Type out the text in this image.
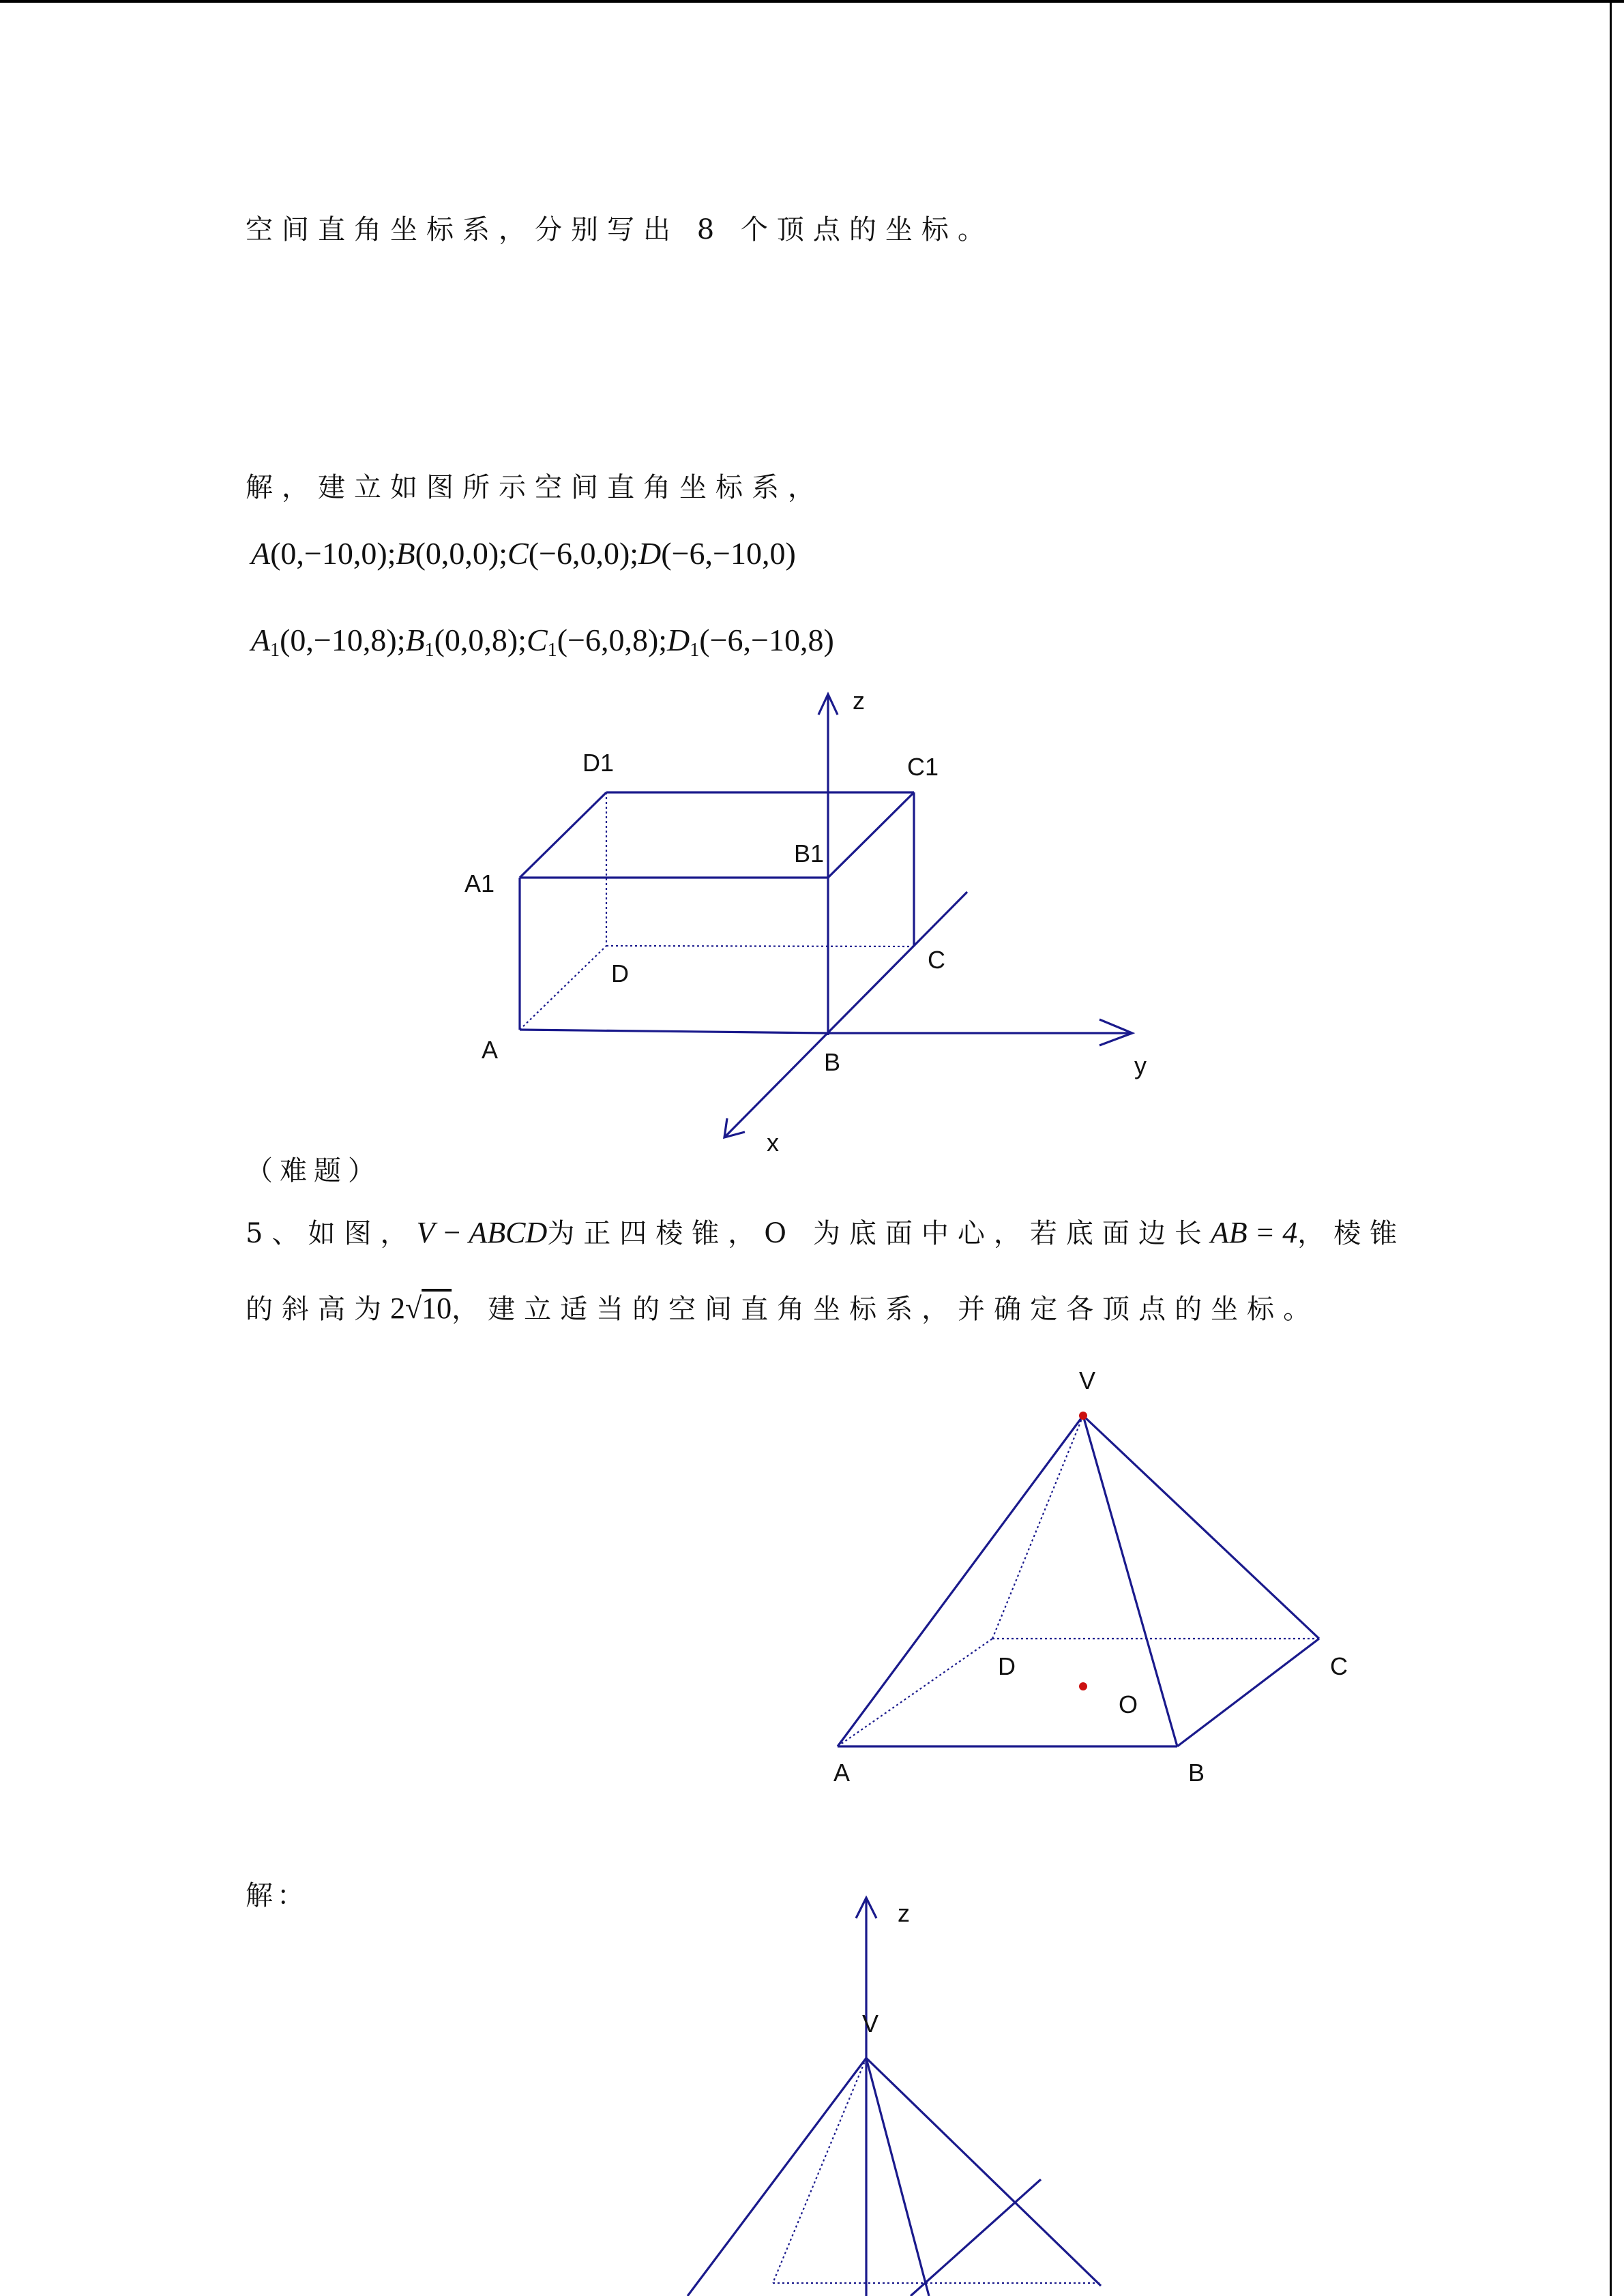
空间直角坐标系，分别写出 8 个顶点的坐标。
解，建立如图所示空间直角坐标系，
A(0,−10,0);B(0,0,0);C(−6,0,0);D(−6,−10,0)
$A_1(0,-10,8);B_1(0,0,8);C_1(-6,0,8);D_1(-6,-10,8)$
（难题）
5、如图，V − ABCD为正四棱锥，O 为底面中心，若底面边长AB = 4，棱锥
的斜高为2√10，建立适当的空间直角坐标系，并确定各顶点的坐标。
解：
z
y
x
D1	C1
B1
A1
D	C
A	B
V
D	C
O
A	B
z
V
